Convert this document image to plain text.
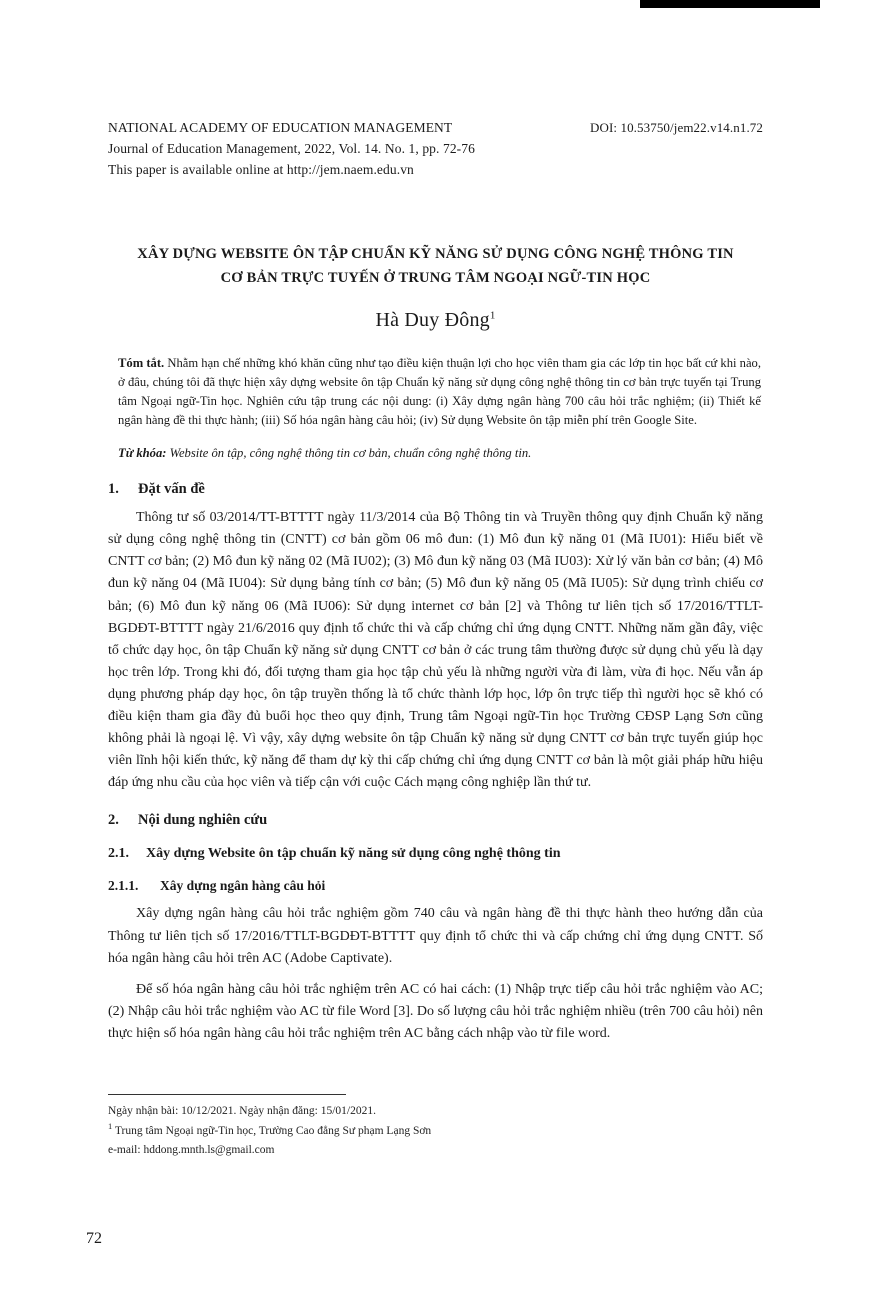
NATIONAL ACADEMY OF EDUCATION MANAGEMENT	DOI: 10.53750/jem22.v14.n1.72
Journal of Education Management, 2022, Vol. 14. No. 1, pp. 72-76
This paper is available online at http://jem.naem.edu.vn
XÂY DỰNG WEBSITE ÔN TẬP CHUẨN KỸ NĂNG SỬ DỤNG CÔNG NGHỆ THÔNG TIN
CƠ BẢN TRỰC TUYẾN Ở TRUNG TÂM NGOẠI NGỮ-TIN HỌC
Hà Duy Đông$^1$
Tóm tắt. Nhằm hạn chế những khó khăn cũng như tạo điều kiện thuận lợi cho học viên tham gia các lớp tin học bất cứ khi nào, ở đâu, chúng tôi đã thực hiện xây dựng website ôn tập Chuẩn kỹ năng sử dụng công nghệ thông tin cơ bản trực tuyến tại Trung tâm Ngoại ngữ-Tin học. Nghiên cứu tập trung các nội dung: (i) Xây dựng ngân hàng 700 câu hỏi trắc nghiệm; (ii) Thiết kế ngân hàng đề thi thực hành; (iii) Số hóa ngân hàng câu hỏi; (iv) Sử dụng Website ôn tập miễn phí trên Google Site.
Từ khóa: Website ôn tập, công nghệ thông tin cơ bản, chuẩn công nghệ thông tin.
1.	Đặt vấn đề

Thông tư số 03/2014/TT-BTTTT ngày 11/3/2014 của Bộ Thông tin và Truyền thông quy định Chuẩn kỹ năng sử dụng công nghệ thông tin (CNTT) cơ bản gồm 06 mô đun: (1) Mô đun kỹ năng 01 (Mã IU01): Hiểu biết về CNTT cơ bản; (2) Mô đun kỹ năng 02 (Mã IU02); (3) Mô đun kỹ năng 03 (Mã IU03): Xử lý văn bản cơ bản; (4) Mô đun kỹ năng 04 (Mã IU04): Sử dụng bảng tính cơ bản; (5) Mô đun kỹ năng 05 (Mã IU05): Sử dụng trình chiếu cơ bản; (6) Mô đun kỹ năng 06 (Mã IU06): Sử dụng internet cơ bản [2] và Thông tư liên tịch số 17/2016/TTLT-BGDĐT-BTTTT ngày 21/6/2016 quy định tổ chức thi và cấp chứng chỉ ứng dụng CNTT. Những năm gần đây, việc tổ chức dạy học, ôn tập Chuẩn kỹ năng sử dụng CNTT cơ bản ở các trung tâm thường được sử dụng chủ yếu là dạy học trên lớp. Trong khi đó, đối tượng tham gia học tập chủ yếu là những người vừa đi làm, vừa đi học. Nếu vẫn áp dụng phương pháp dạy học, ôn tập truyền thống là tổ chức thành lớp học, lớp ôn trực tiếp thì người học sẽ khó có điều kiện tham gia đầy đủ buổi học theo quy định, Trung tâm Ngoại ngữ-Tin học Trường CĐSP Lạng Sơn cũng không phải là ngoại lệ. Vì vậy, xây dựng website ôn tập Chuẩn kỹ năng sử dụng CNTT cơ bản trực tuyến giúp học viên lĩnh hội kiến thức, kỹ năng để tham dự kỳ thi cấp chứng chỉ ứng dụng CNTT cơ bản là một giải pháp hữu hiệu đáp ứng nhu cầu của học viên và tiếp cận với cuộc Cách mạng công nghiệp lần thứ tư.

2.	Nội dung nghiên cứu
2.1.	Xây dựng Website ôn tập chuẩn kỹ năng sử dụng công nghệ thông tin
2.1.1.	Xây dựng ngân hàng câu hỏi

Xây dựng ngân hàng câu hỏi trắc nghiệm gồm 740 câu và ngân hàng đề thi thực hành theo hướng dẫn của Thông tư liên tịch số 17/2016/TTLT-BGDĐT-BTTTT quy định tổ chức thi và cấp chứng chỉ ứng dụng CNTT. Số hóa ngân hàng câu hỏi trên AC (Adobe Captivate).

Để số hóa ngân hàng câu hỏi trắc nghiệm trên AC có hai cách: (1) Nhập trực tiếp câu hỏi trắc nghiệm vào AC; (2) Nhập câu hỏi trắc nghiệm vào AC từ file Word [3]. Do số lượng câu hỏi trắc nghiệm nhiều (trên 700 câu hỏi) nên thực hiện số hóa ngân hàng câu hỏi trắc nghiệm trên AC bằng cách nhập vào từ file word.

Ngày nhận bài: 10/12/2021. Ngày nhận đăng: 15/01/2021.
$^1$ Trung tâm Ngoại ngữ-Tin học, Trường Cao đẳng Sư phạm Lạng Sơn
e-mail: hddong.mnth.ls@gmail.com
72
